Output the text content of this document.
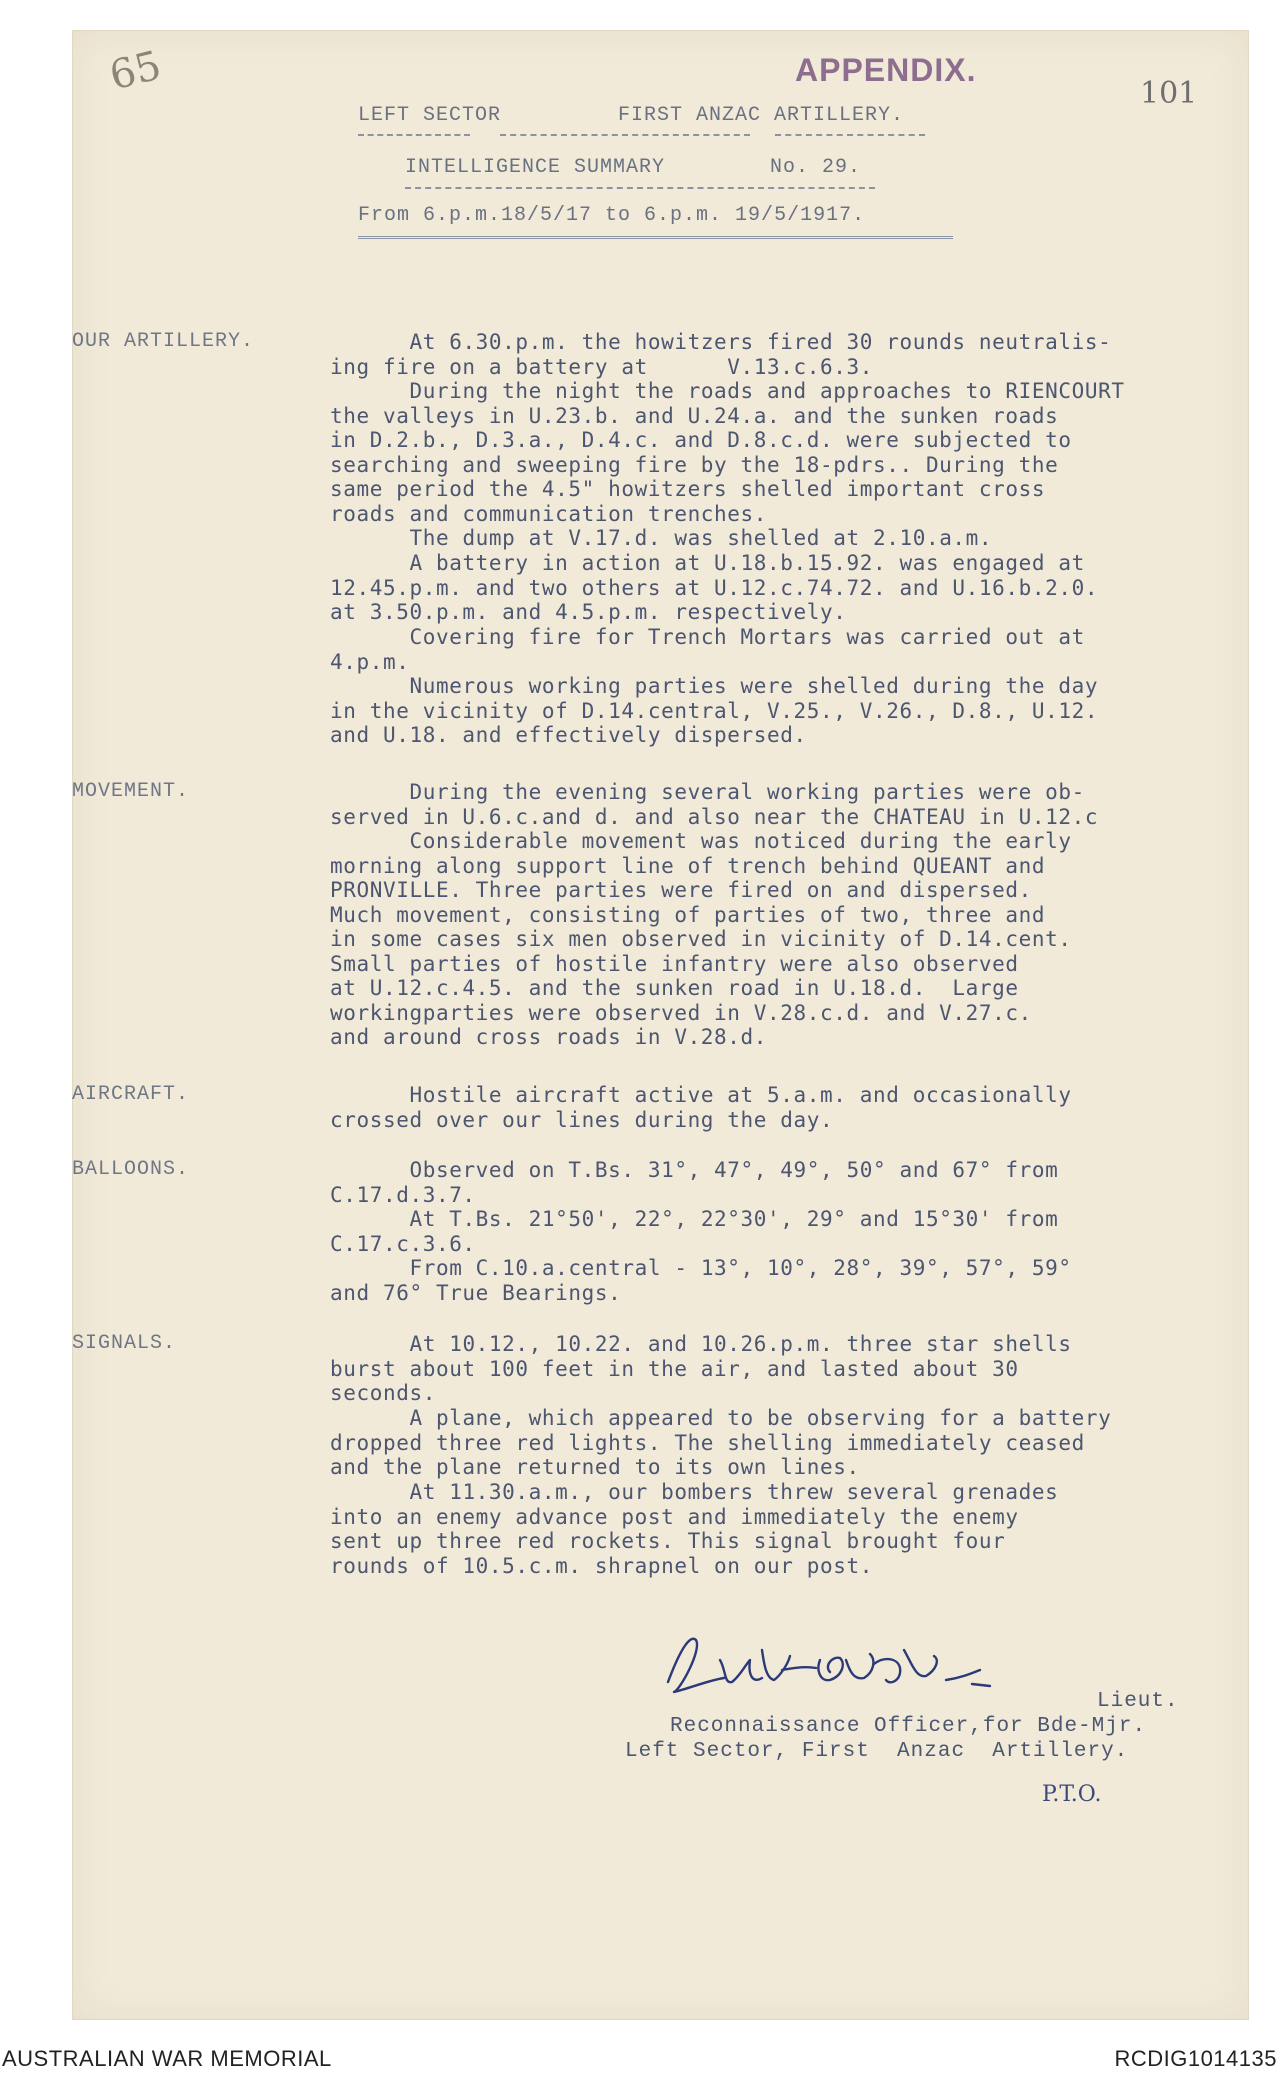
65	APPENDIX.
101
LEFT SECTOR	FIRST ANZAC ARTILLERY.
INTELLIGENCE SUMMARY	No. 29.
From 6.p.m.18/5/17 to 6.p.m. 19/5/1917.
OUR ARTILLERY.	At 6.30.p.m. the howitzers fired 30 rounds neutralis-
ing fire on a battery at      V.13.c.6.3.
During the night the roads and approaches to RIENCOURT
the valleys in U.23.b. and U.24.a. and the sunken roads
in D.2.b., D.3.a., D.4.c. and D.8.c.d. were subjected to
searching and sweeping fire by the 18-pdrs.. During the
same period the 4.5" howitzers shelled important cross
roads and communication trenches.
The dump at V.17.d. was shelled at 2.10.a.m.
A battery in action at U.18.b.15.92. was engaged at
12.45.p.m. and two others at U.12.c.74.72. and U.16.b.2.0.
at 3.50.p.m. and 4.5.p.m. respectively.
Covering fire for Trench Mortars was carried out at
4.p.m.
Numerous working parties were shelled during the day
in the vicinity of D.14.central, V.25., V.26., D.8., U.12.
and U.18. and effectively dispersed.
MOVEMENT.	During the evening several working parties were ob-
served in U.6.c.and d. and also near the CHATEAU in U.12.c
Considerable movement was noticed during the early
morning along support line of trench behind QUEANT and
PRONVILLE. Three parties were fired on and dispersed.
Much movement, consisting of parties of two, three and
in some cases six men observed in vicinity of D.14.cent.
Small parties of hostile infantry were also observed
at U.12.c.4.5. and the sunken road in U.18.d.  Large
workingparties were observed in V.28.c.d. and V.27.c.
and around cross roads in V.28.d.
AIRCRAFT.	Hostile aircraft active at 5.a.m. and occasionally
crossed over our lines during the day.
BALLOONS.	Observed on T.Bs. 31°, 47°, 49°, 50° and 67° from
C.17.d.3.7.
At T.Bs. 21°50', 22°, 22°30', 29° and 15°30' from
C.17.c.3.6.
From C.10.a.central - 13°, 10°, 28°, 39°, 57°, 59°
and 76° True Bearings.
SIGNALS.	At 10.12., 10.22. and 10.26.p.m. three star shells
burst about 100 feet in the air, and lasted about 30
seconds.
A plane, which appeared to be observing for a battery
dropped three red lights. The shelling immediately ceased
and the plane returned to its own lines.
At 11.30.a.m., our bombers threw several grenades
into an enemy advance post and immediately the enemy
sent up three red rockets. This signal brought four
rounds of 10.5.c.m. shrapnel on our post.
Lieut.
Reconnaissance Officer,for Bde-Mjr.
Left Sector, First  Anzac  Artillery.
P.T.O.
AUSTRALIAN WAR MEMORIAL	RCDIG1014135
